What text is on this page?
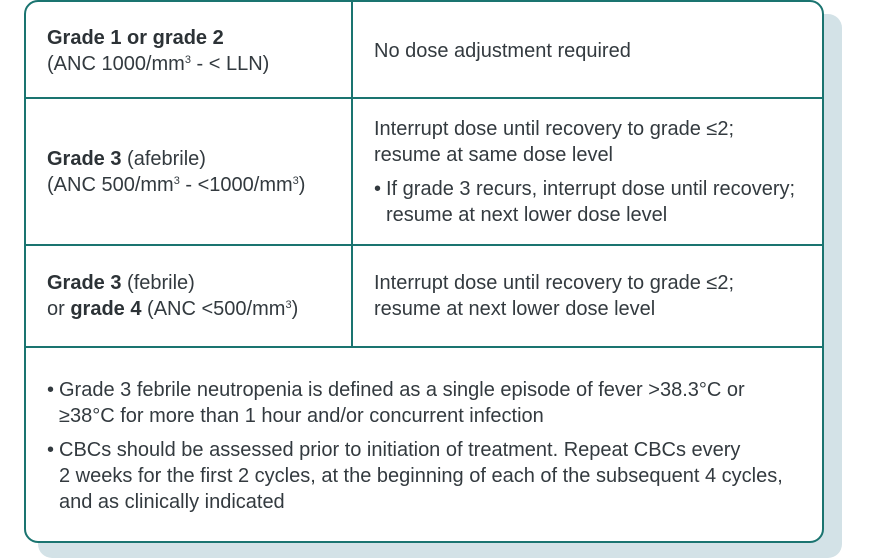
Grade 1 or grade 2
(ANC $1000/mm^3$ - < LLN)
No dose adjustment required
Grade 3 (afebrile)
(ANC $500/mm^3 - <1000/mm^3$)
Interrupt dose until recovery to grade ≤2;
resume at same dose level
• If grade 3 recurs, interrupt dose until recovery;
resume at next lower dose level
Grade 3 (febrile)
or grade 4 $(ANC <500/mm^3)$
Interrupt dose until recovery to grade ≤2;
resume at next lower dose level
• Grade 3 febrile neutropenia is defined as a single episode of fever >38.3°C or
≥38°C for more than 1 hour and/or concurrent infection
• CBCs should be assessed prior to initiation of treatment. Repeat CBCs every
2 weeks for the first 2 cycles, at the beginning of each of the subsequent 4 cycles,
and as clinically indicated
